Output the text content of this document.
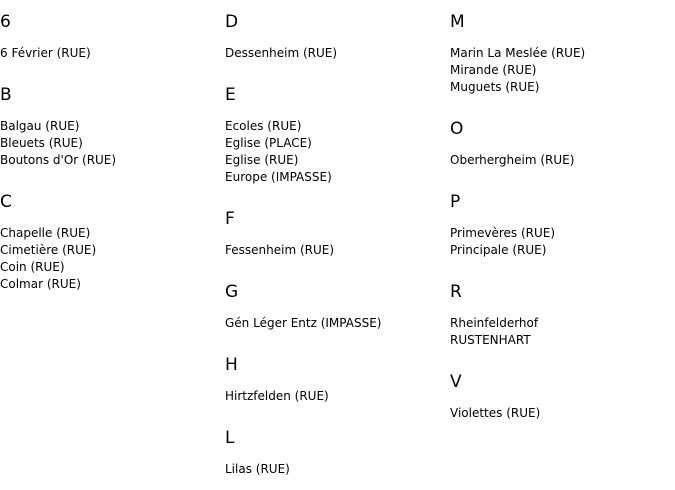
6
6 Février (RUE)
B
Balgau (RUE)
Bleuets (RUE)
Boutons d'Or (RUE)
C
Chapelle (RUE)
Cimetière (RUE)
Coin (RUE)
Colmar (RUE)
D
Dessenheim (RUE)
E
Ecoles (RUE)
Eglise (PLACE)
Eglise (RUE)
Europe (IMPASSE)
F
Fessenheim (RUE)
G
Gén Léger Entz (IMPASSE)
H
Hirtzfelden (RUE)
L
Lilas (RUE)
M
Marin La Meslée (RUE)
Mirande (RUE)
Muguets (RUE)
O
Oberhergheim (RUE)
P
Primevères (RUE)
Principale (RUE)
R
Rheinfelderhof
RUSTENHART
V
Violettes (RUE)
